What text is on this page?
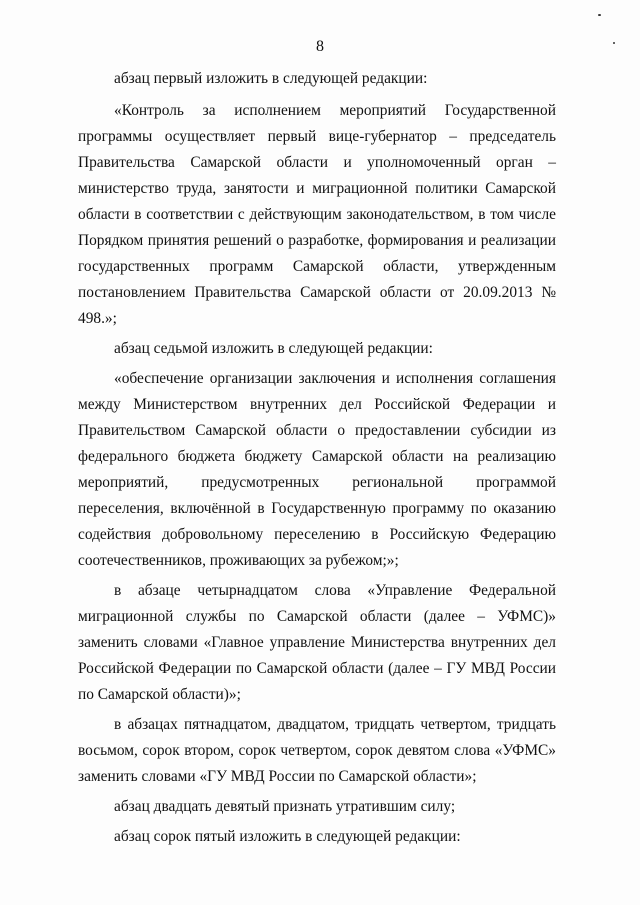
8

абзац первый изложить в следующей редакции:

«Контроль за исполнением мероприятий Государственной программы осуществляет первый вице-губернатор – председатель Правительства Самарской области и уполномоченный орган – министерство труда, занятости и миграционной политики Самарской области в соответствии с действующим законодательством, в том числе Порядком принятия решений о разработке, формирования и реализации государственных программ Самарской области, утвержденным постановлением Правительства Самарской области от 20.09.2013 № 498.»;

абзац седьмой изложить в следующей редакции:

«обеспечение организации заключения и исполнения соглашения между Министерством внутренних дел Российской Федерации и Правительством Самарской области о предоставлении субсидии из федерального бюджета бюджету Самарской области на реализацию мероприятий, предусмотренных региональной программой переселения, включённой в Государственную программу по оказанию содействия добровольному переселению в Российскую Федерацию соотечественников, проживающих за рубежом;»;

в абзаце четырнадцатом слова «Управление Федеральной миграционной службы по Самарской области (далее – УФМС)» заменить словами «Главное управление Министерства внутренних дел Российской Федерации по Самарской области (далее – ГУ МВД России по Самарской области)»;

в абзацах пятнадцатом, двадцатом, тридцать четвертом, тридцать восьмом, сорок втором, сорок четвертом, сорок девятом слова «УФМС» заменить словами «ГУ МВД России по Самарской области»;

абзац двадцать девятый признать утратившим силу;

абзац сорок пятый изложить в следующей редакции:
